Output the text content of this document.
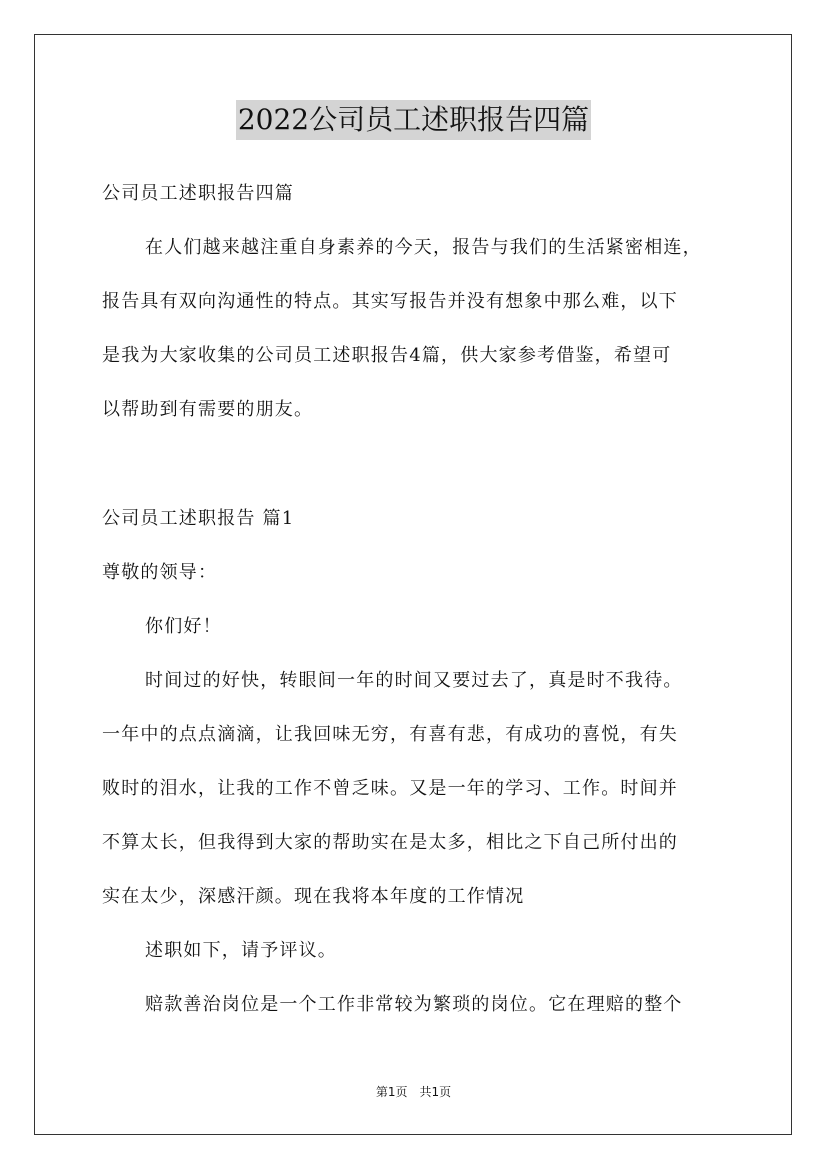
2022公司员工述职报告四篇
公司员工述职报告四篇
在人们越来越注重自身素养的今天，报告与我们的生活紧密相连，
报告具有双向沟通性的特点。其实写报告并没有想象中那么难，以下
是我为大家收集的公司员工述职报告4篇，供大家参考借鉴，希望可
以帮助到有需要的朋友。
公司员工述职报告 篇1
尊敬的领导：
你们好！
时间过的好快，转眼间一年的时间又要过去了，真是时不我待。
一年中的点点滴滴，让我回味无穷，有喜有悲，有成功的喜悦，有失
败时的泪水，让我的工作不曾乏味。又是一年的学习、工作。时间并
不算太长，但我得到大家的帮助实在是太多，相比之下自己所付出的
实在太少，深感汗颜。现在我将本年度的工作情况
述职如下，请予评议。
赔款善治岗位是一个工作非常较为繁琐的岗位。它在理赔的整个
第1页　共1页
